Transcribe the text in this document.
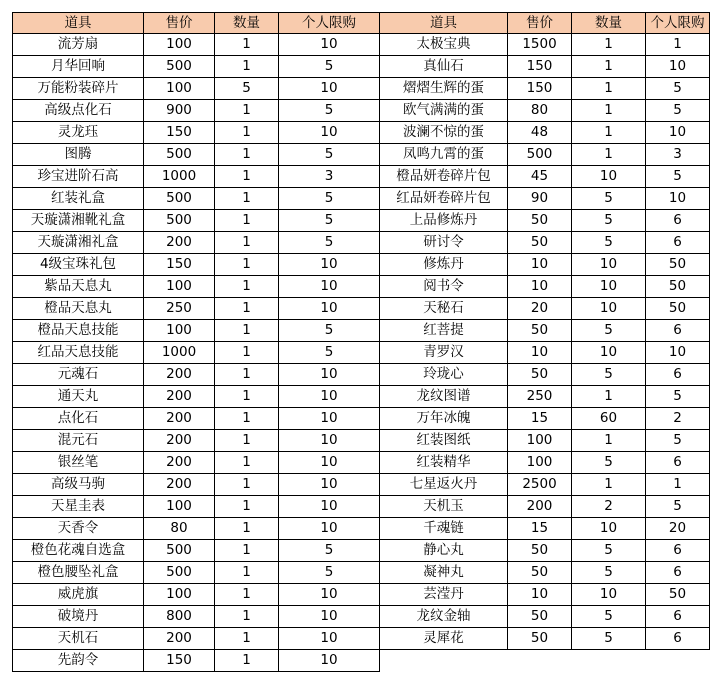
道具	售价	数量	个人限购	道具	售价	数量	个人限购
流芳扇	100	1	10	太极宝典	1500	1	1
月华回响	500	1	5	真仙石	150	1	10
万能粉装碎片	100	5	10	熠熠生辉的蛋	150	1	5
高级点化石	900	1	5	欧气满满的蛋	80	1	5
灵龙珏	150	1	10	波澜不惊的蛋	48	1	10
图腾	500	1	5	凤鸣九霄的蛋	500	1	3
珍宝进阶石高	1000	1	3	橙品妍卷碎片包	45	10	5
红装礼盒	500	1	5	红品妍卷碎片包	90	5	10
天璇潇湘靴礼盒	500	1	5	上品修炼丹	50	5	6
天璇潇湘礼盒	200	1	5	研讨令	50	5	6
4级宝珠礼包	150	1	10	修炼丹	10	10	50
紫品天息丸	100	1	10	阅书令	10	10	50
橙品天息丸	250	1	10	天秘石	20	10	50
橙品天息技能	100	1	5	红菩提	50	5	6
红品天息技能	1000	1	5	青罗汉	10	10	10
元魂石	200	1	10	玲珑心	50	5	6
通天丸	200	1	10	龙纹图谱	250	1	5
点化石	200	1	10	万年冰魄	15	60	2
混元石	200	1	10	红装图纸	100	1	5
银丝笔	200	1	10	红装精华	100	5	6
高级马驹	200	1	10	七星返火丹	2500	1	1
天星圭表	100	1	10	天机玉	200	2	5
天香令	80	1	10	千魂链	15	10	20
橙色花魂自选盒	500	1	5	静心丸	50	5	6
橙色腰坠礼盒	500	1	5	凝神丸	50	5	6
威虎旗	100	1	10	芸滢丹	10	10	50
破境丹	800	1	10	龙纹金轴	50	5	6
天机石	200	1	10	灵犀花	50	5	6
先韵令	150	1	10
